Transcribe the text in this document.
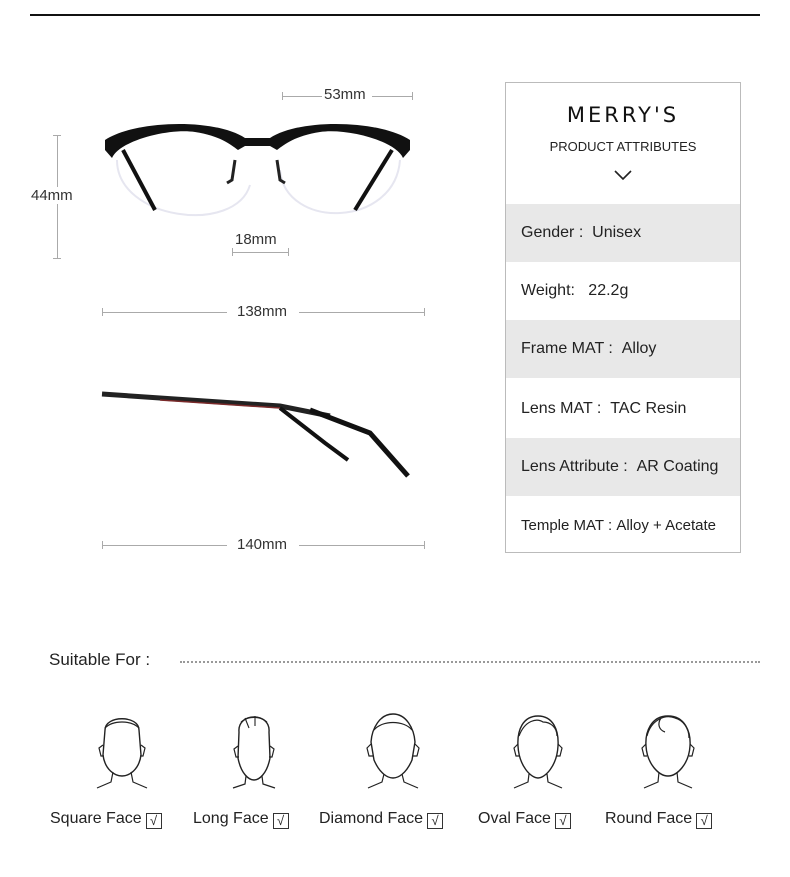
53mm
44mm
18mm
138mm
140mm
MERRY'S
PRODUCT ATTRIBUTES
Gender :
Unisex
Weight:
22.2g
Frame MAT :
Alloy
Lens MAT :
TAC Resin
Lens Attribute :
AR Coating
Temple MAT :
Alloy + Acetate
Suitable For :
Square Face √ Long Face √ Diamond Face √ Oval Face √ Round Face √
